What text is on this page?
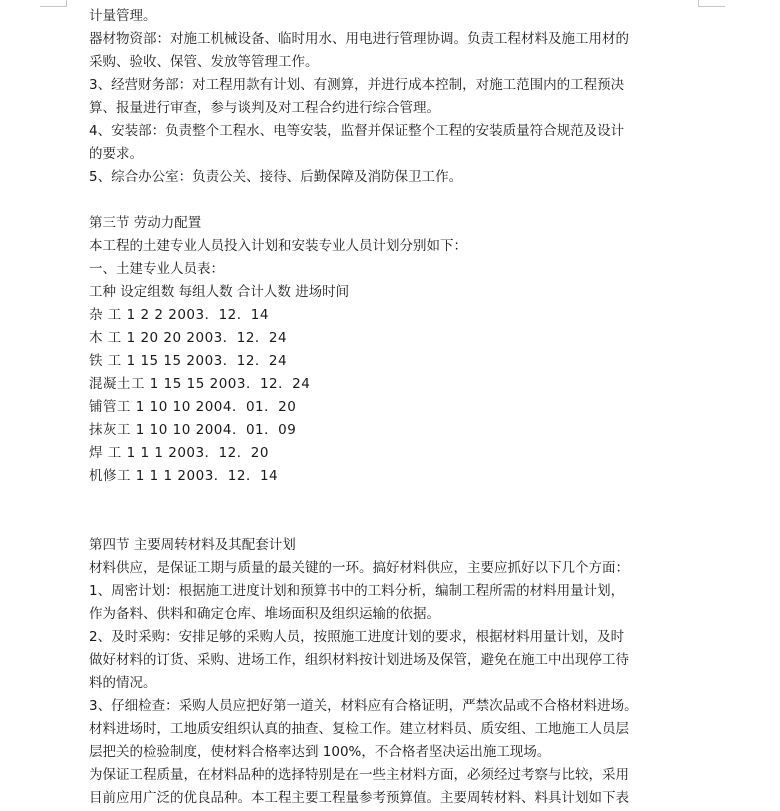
计量管理。
器材物资部：对施工机械设备、临时用水、用电进行管理协调。负责工程材料及施工用材的
采购、验收、保管、发放等管理工作。
3、经营财务部：对工程用款有计划、有测算，并进行成本控制，对施工范围内的工程预决
算、报量进行审查，参与谈判及对工程合约进行综合管理。
4、安装部：负责整个工程水、电等安装，监督并保证整个工程的安装质量符合规范及设计
的要求。
5、综合办公室：负责公关、接待、后勤保障及消防保卫工作。
第三节 劳动力配置
本工程的土建专业人员投入计划和安装专业人员计划分别如下：
一、土建专业人员表：
工种 设定组数 每组人数 合计人数 进场时间
杂 工 1 2 2 2003．12．14
木 工 1 20 20 2003．12．24
铁 工 1 15 15 2003．12．24
混凝土工 1 15 15 2003．12．24
铺管工 1 10 10 2004．01．20
抹灰工 1 10 10 2004．01．09
焊 工 1 1 1 2003．12．20
机修工 1 1 1 2003．12．14
第四节 主要周转材料及其配套计划
材料供应，是保证工期与质量的最关键的一环。搞好材料供应，主要应抓好以下几个方面：
1、周密计划：根据施工进度计划和预算书中的工料分析，编制工程所需的材料用量计划，
作为备料、供料和确定仓库、堆场面积及组织运输的依据。
2、及时采购：安排足够的采购人员，按照施工进度计划的要求，根据材料用量计划，及时
做好材料的订货、采购、进场工作，组织材料按计划进场及保管，避免在施工中出现停工待
料的情况。
3、仔细检查：采购人员应把好第一道关，材料应有合格证明，严禁次品或不合格材料进场。
材料进场时，工地质安组织认真的抽查、复检工作。建立材料员、质安组、工地施工人员层
层把关的检验制度，使材料合格率达到 100%，不合格者坚决运出施工现场。
为保证工程质量，在材料品种的选择特别是在一些主材料方面，必须经过考察与比较，采用
目前应用广泛的优良品种。本工程主要工程量参考预算值。主要周转材料、料具计划如下表
